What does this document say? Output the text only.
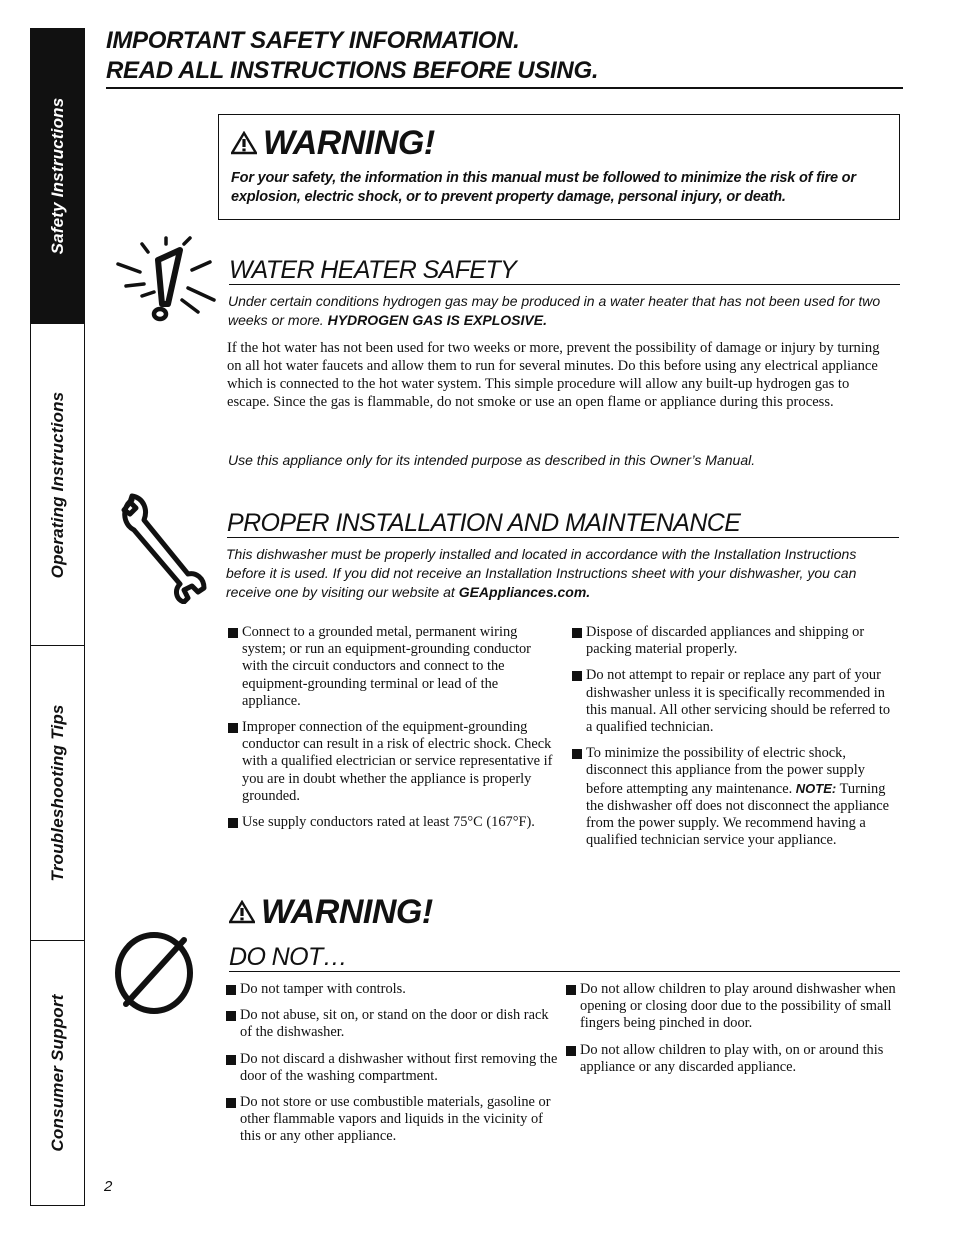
Safety Instructions
Operating Instructions
Troubleshooting Tips
Consumer Support
IMPORTANT SAFETY INFORMATION.
READ ALL INSTRUCTIONS BEFORE USING.
WARNING!

For your safety, the information in this manual must be followed to minimize the risk of fire or explosion, electric shock, or to prevent property damage, personal injury, or death.

WATER HEATER SAFETY
Under certain conditions hydrogen gas may be produced in a water heater that has not been used for two weeks or more. HYDROGEN GAS IS EXPLOSIVE.
If the hot water has not been used for two weeks or more, prevent the possibility of damage or injury by turning on all hot water faucets and allow them to run for several minutes. Do this before using any electrical appliance which is connected to the hot water system. This simple procedure will allow any built-up hydrogen gas to escape. Since the gas is flammable, do not smoke or use an open flame or appliance during this process.
Use this appliance only for its intended purpose as described in this Owner’s Manual.
PROPER INSTALLATION AND MAINTENANCE
This dishwasher must be properly installed and located in accordance with the Installation Instructions before it is used. If you did not receive an Installation Instructions sheet with your dishwasher, you can receive one by visiting our website at GEAppliances.com.
Connect to a grounded metal, permanent wiring system; or run an equipment-grounding conductor with the circuit conductors and connect to the equipment-grounding terminal or lead of the appliance.
Improper connection of the equipment-grounding conductor can result in a risk of electric shock. Check with a qualified electrician or service representative if you are in doubt whether the appliance is properly grounded.
Use supply conductors rated at least 75°C (167°F).
Dispose of discarded appliances and shipping or packing material properly.
Do not attempt to repair or replace any part of your dishwasher unless it is specifically recommended in this manual. All other servicing should be referred to a qualified technician.
To minimize the possibility of electric shock, disconnect this appliance from the power supply before attempting any maintenance. NOTE: Turning the dishwasher off does not disconnect the appliance from the power supply. We recommend having a qualified technician service your appliance.
WARNING!
DO NOT…
Do not tamper with controls.
Do not abuse, sit on, or stand on the door or dish rack of the dishwasher.
Do not discard a dishwasher without first removing the door of the washing compartment.
Do not store or use combustible materials, gasoline or other flammable vapors and liquids in the vicinity of this or any other appliance.
Do not allow children to play around dishwasher when opening or closing door due to the possibility of small fingers being pinched in door.
Do not allow children to play with, on or around this appliance or any discarded appliance.
2
